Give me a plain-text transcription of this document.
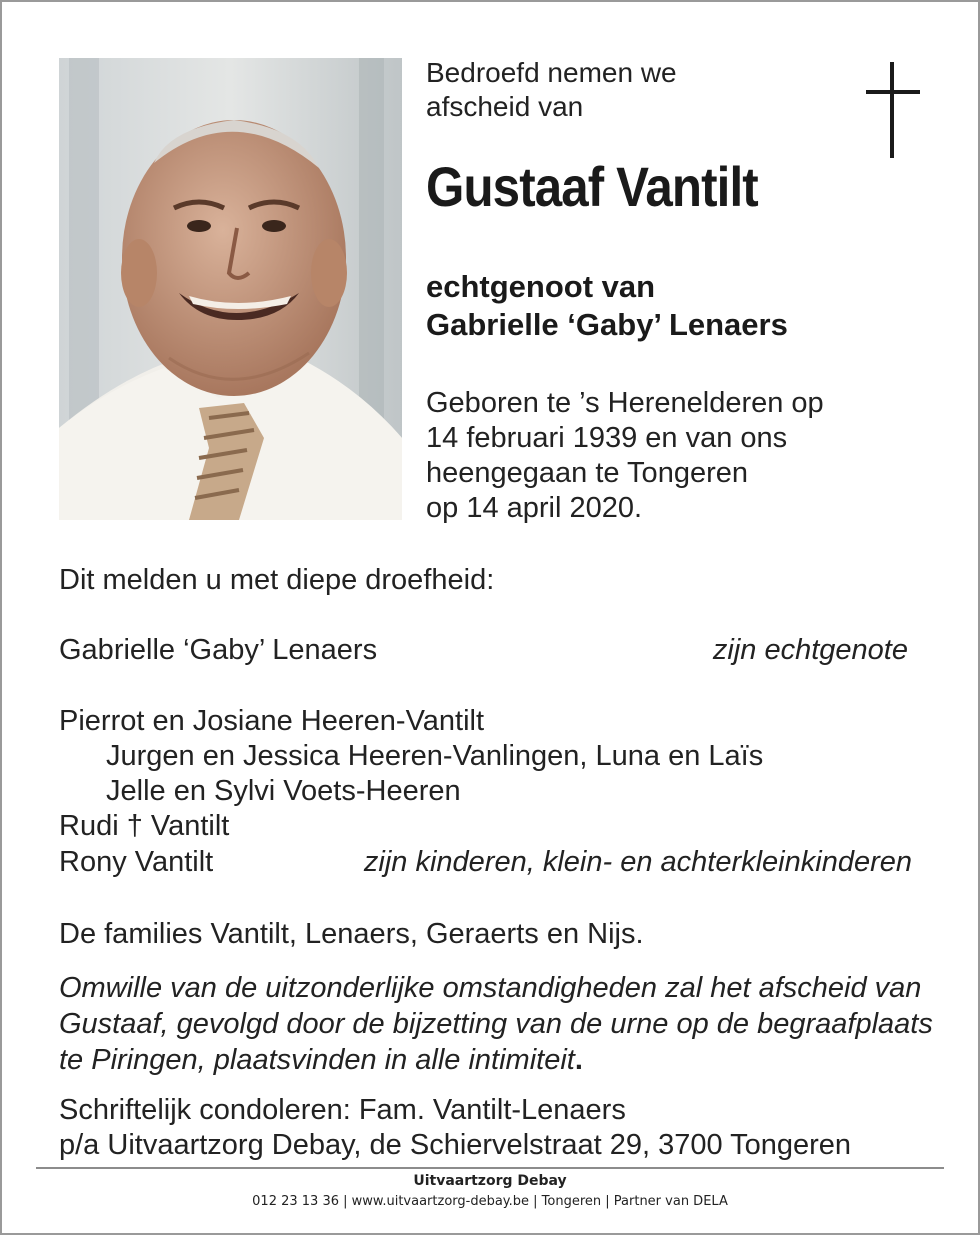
Bedroefd nemen we
afscheid van
Gustaaf Vantilt
echtgenoot van
Gabrielle ‘Gaby’ Lenaers
Geboren te ’s Herenelderen op
14 februari 1939 en van ons
heengegaan te Tongeren
op 14 april 2020.
Dit melden u met diepe droefheid:
Gabrielle ‘Gaby’ Lenaers	zijn echtgenote
Pierrot en Josiane Heeren-Vantilt
Jurgen en Jessica Heeren-Vanlingen, Luna en Laïs
Jelle en Sylvi Voets-Heeren
Rudi † Vantilt
Rony Vantilt	zijn kinderen, klein- en achterkleinkinderen
De families Vantilt, Lenaers, Geraerts en Nijs.
Omwille van de uitzonderlijke omstandigheden zal het afscheid van Gustaaf, gevolgd door de bijzetting van de urne op de begraafplaats te Piringen, plaatsvinden in alle intimiteit.
Schriftelijk condoleren: Fam. Vantilt-Lenaers
p/a Uitvaartzorg Debay, de Schiervelstraat 29, 3700 Tongeren
Uitvaartzorg Debay
012 23 13 36 | www.uitvaartzorg-debay.be | Tongeren | Partner van DELA
